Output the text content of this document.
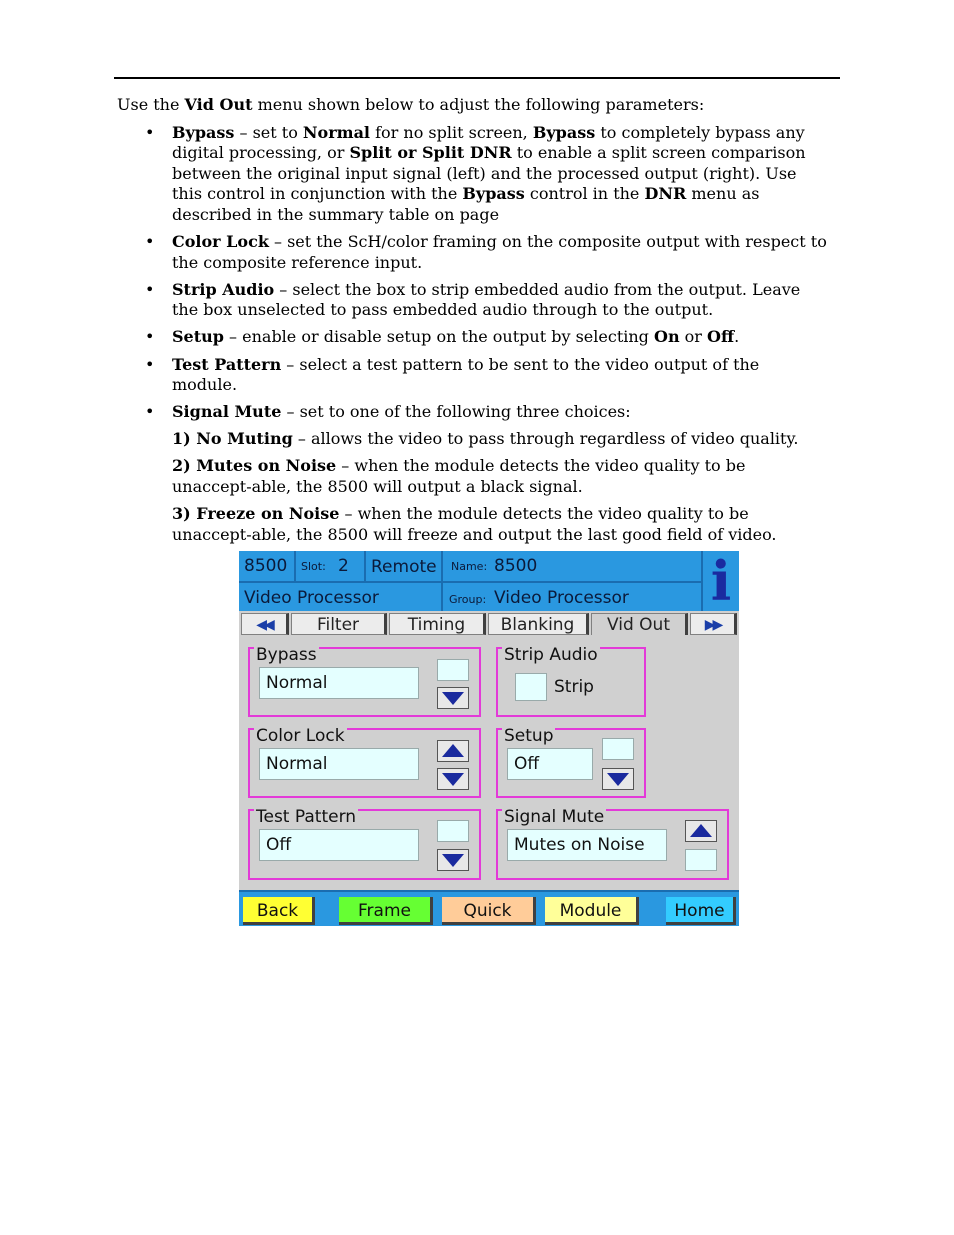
Use the Vid Out menu shown below to adjust the following parameters:

• Bypass – set to Normal for no split screen, Bypass to completely bypass any digital processing, or Split or Split DNR to enable a split screen comparison between the original input signal (left) and the processed output (right). Use this control in conjunction with the Bypass control in the DNR menu as described in the summary table on page
• Color Lock – set the ScH/color framing on the composite output with respect to the composite reference input.
• Strip Audio – select the box to strip embedded audio from the output. Leave the box unselected to pass embedded audio through to the output.
• Setup – enable or disable setup on the output by selecting On or Off.
• Test Pattern – select a test pattern to be sent to the video output of the module.
• Signal Mute – set to one of the following three choices:
1) No Muting – allows the video to pass through regardless of video quality.
2) Mutes on Noise – when the module detects the video quality to be unaccept-able, the 8500 will output a black signal.
3) Freeze on Noise – when the module detects the video quality to be unaccept-able, the 8500 will freeze and output the last good field of video.
8500 Slot: 2 Remote Name: 8500
Video Processor	Group: Video Processor i
◀◀	Filter	Timing	Blanking	Vid Out	▶▶
Bypass
Normal
Strip Audio
Strip
Color Lock
Normal
Setup
Off
Test Pattern
Off
Signal Mute
Mutes on Noise
Back	Frame	Quick	Module	Home
